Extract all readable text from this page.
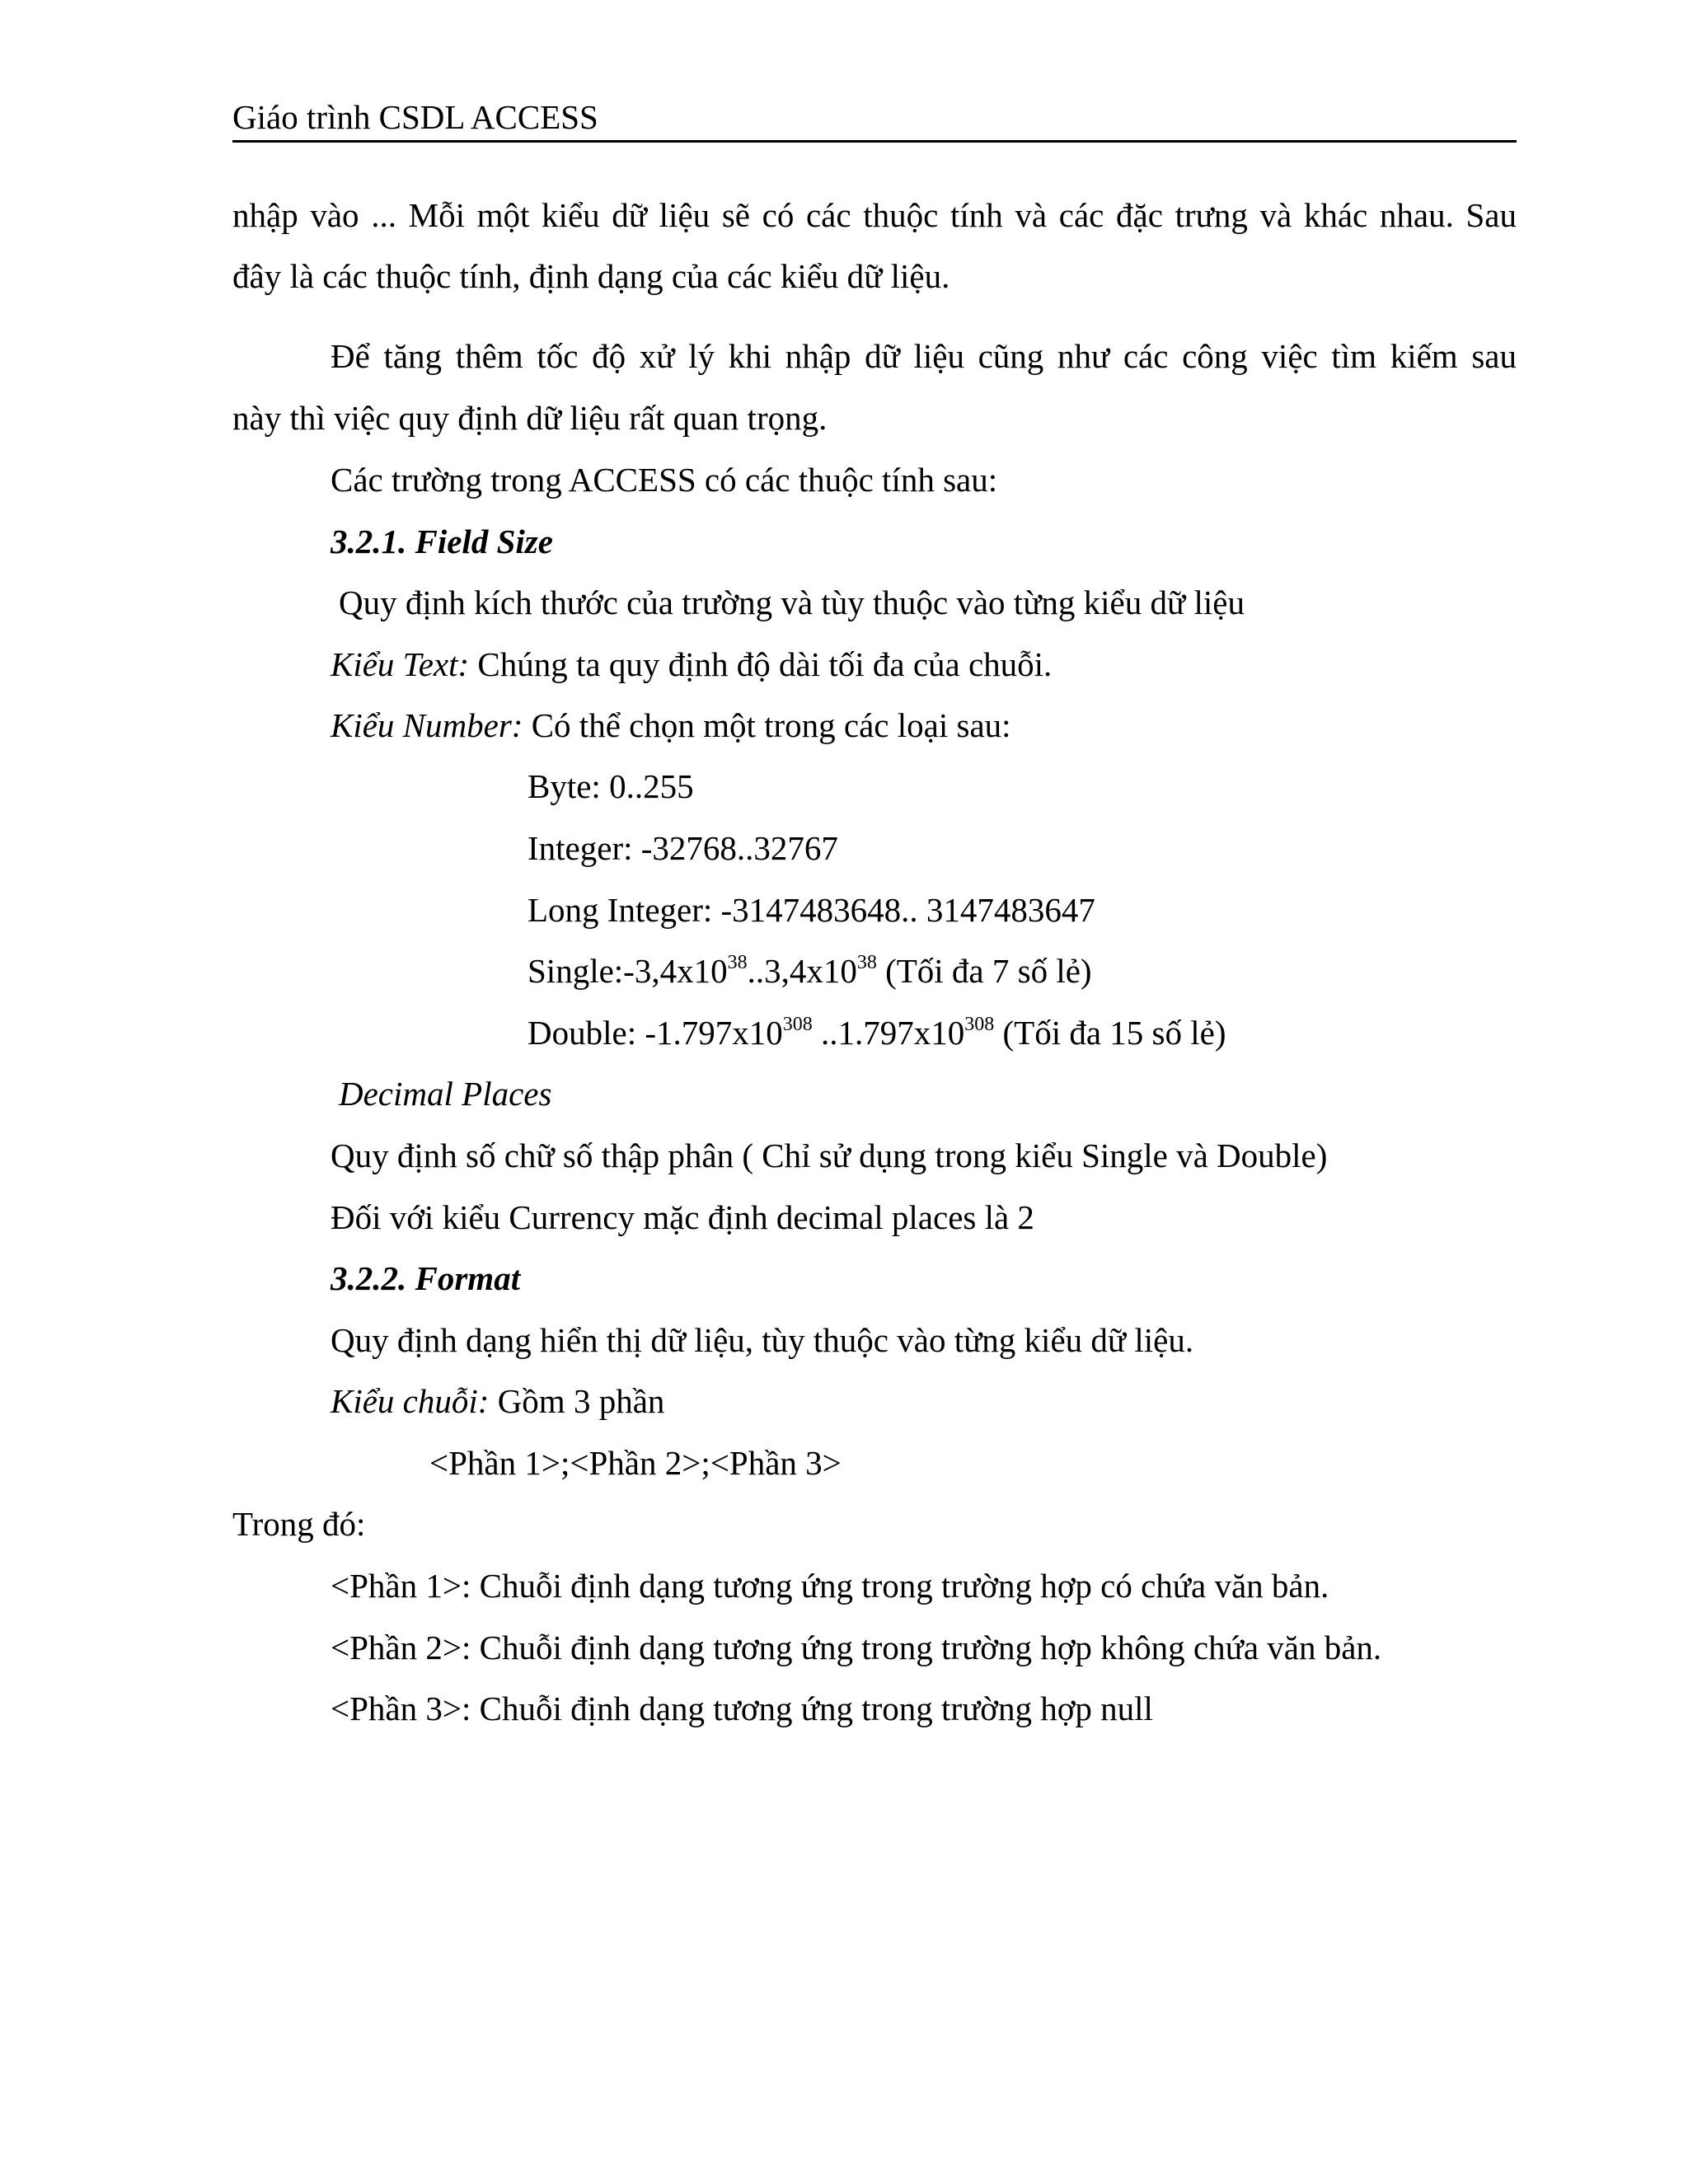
Giáo trình CSDL ACCESS
nhập vào ... Mỗi một kiểu dữ liệu sẽ có các thuộc tính và các đặc trưng và khác nhau. Sau
đây là các thuộc tính, định dạng của các kiểu dữ liệu.
Để tăng thêm tốc độ xử lý khi nhập dữ liệu cũng như các công việc tìm kiếm sau
này thì việc quy định dữ liệu rất quan trọng.
Các trường trong ACCESS có các thuộc tính sau:
3.2.1. Field Size
Quy định kích thước của trường và tùy thuộc vào từng kiểu dữ liệu
Kiểu Text: Chúng ta quy định độ dài tối đa của chuỗi.
Kiểu Number: Có thể chọn một trong các loại sau:
Byte: 0..255
Integer: -32768..32767
Long Integer: -3147483648.. 3147483647
$Single:-3,4x10^{38}..3,4x10^{38}$ (Tối đa 7 số lẻ)
Double: $-1.797x10^{308}$ $..1.797x10^{308}$ (Tối đa 15 số lẻ)
Decimal Places
Quy định số chữ số thập phân ( Chỉ sử dụng trong kiểu Single và Double)
Đối với kiểu Currency mặc định decimal places là 2
3.2.2. Format
Quy định dạng hiển thị dữ liệu, tùy thuộc vào từng kiểu dữ liệu.
Kiểu chuỗi: Gồm 3 phần
<Phần 1>;<Phần 2>;<Phần 3>
Trong đó:
<Phần 1>: Chuỗi định dạng tương ứng trong trường hợp có chứa văn bản.
<Phần 2>: Chuỗi định dạng tương ứng trong trường hợp không chứa văn bản.
<Phần 3>: Chuỗi định dạng tương ứng trong trường hợp null
